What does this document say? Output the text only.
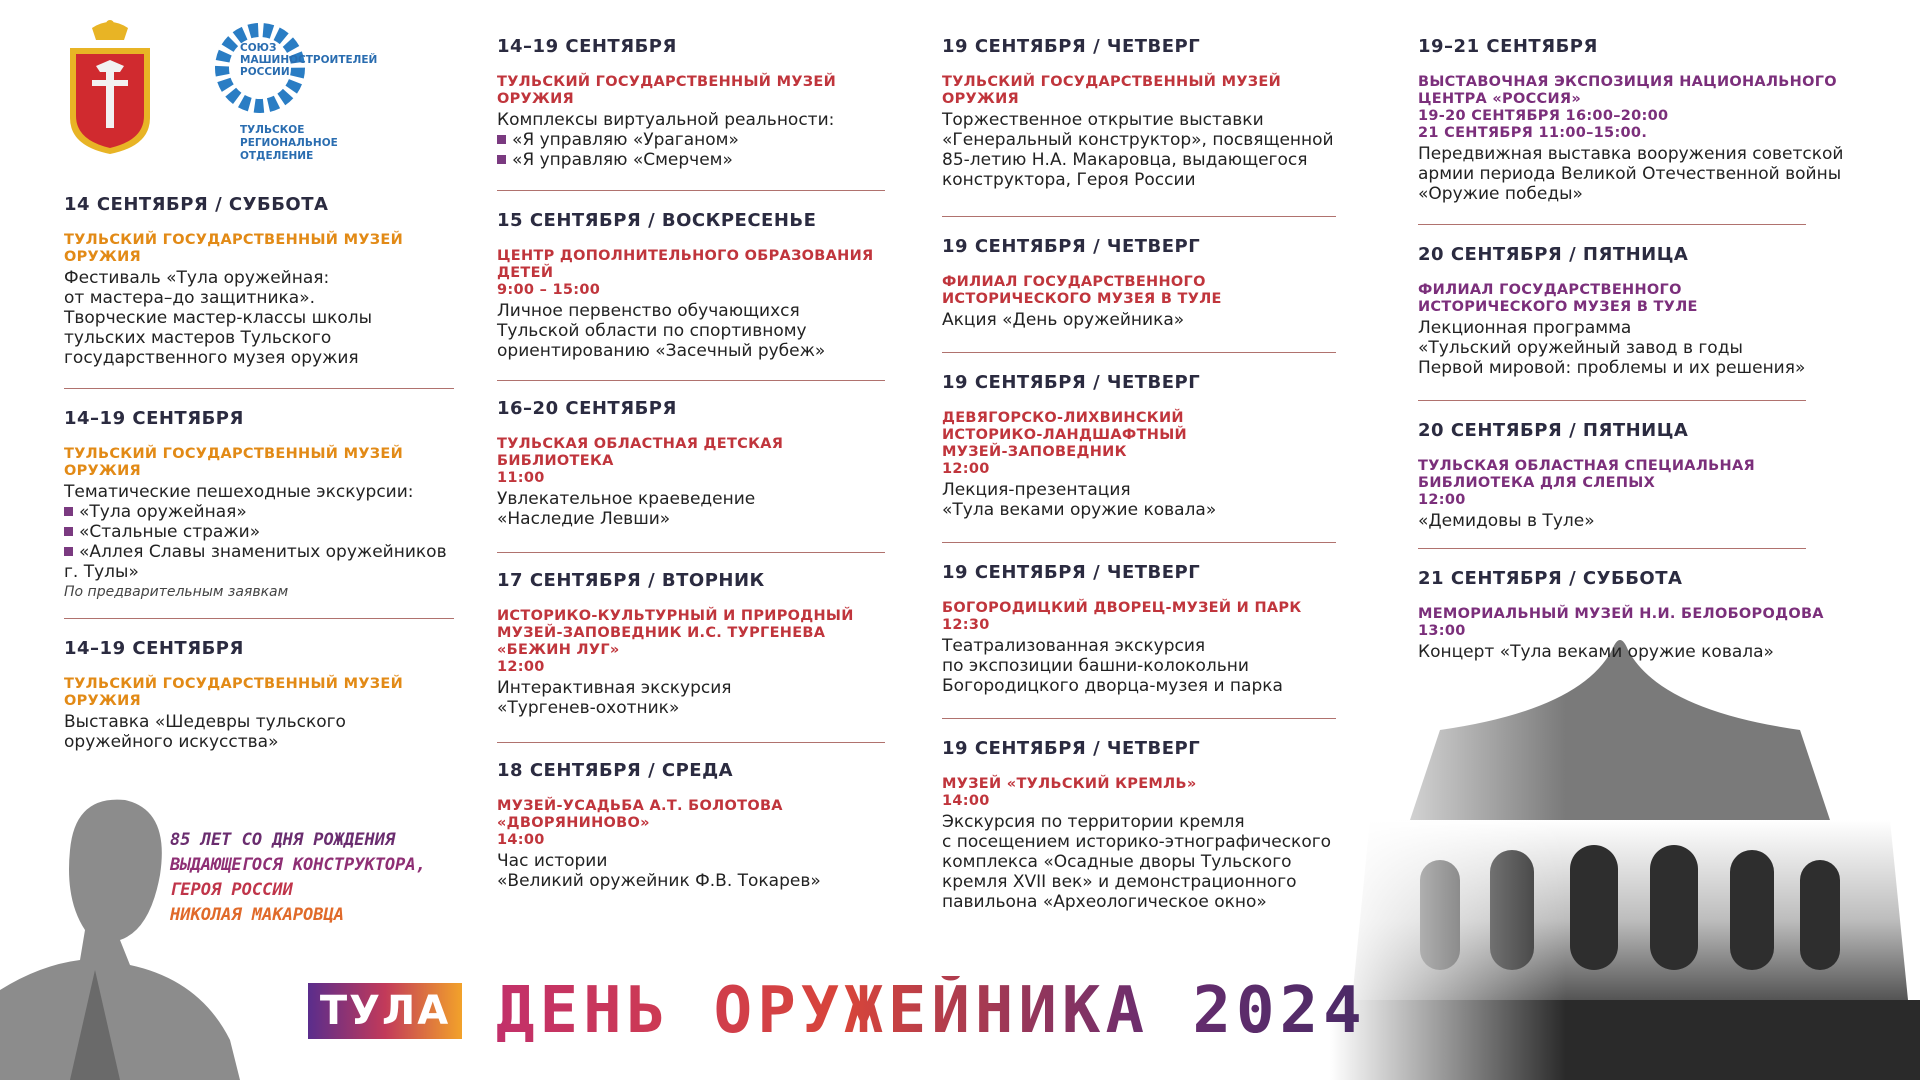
СОЮЗ
МАШИНОСТРОИТЕЛЕЙ
РОССИИ
ТУЛЬСКОЕ
РЕГИОНАЛЬНОЕ
ОТДЕЛЕНИЕ
14 СЕНТЯБРЯ / СУББОТА
ТУЛЬСКИЙ ГОСУДАРСТВЕННЫЙ МУЗЕЙ ОРУЖИЯ
Фестиваль «Тула оружейная:
от мастера–до защитника».
Творческие мастер-классы школы
тульских мастеров Тульского
государственного музея оружия
14–19 СЕНТЯБРЯ
ТУЛЬСКИЙ ГОСУДАРСТВЕННЫЙ МУЗЕЙ ОРУЖИЯ
Тематические пешеходные экскурсии:
«Тула оружейная»
«Стальные стражи»
«Аллея Славы знаменитых оружейников г. Тулы»
По предварительным заявкам
14–19 СЕНТЯБРЯ
ТУЛЬСКИЙ ГОСУДАРСТВЕННЫЙ МУЗЕЙ ОРУЖИЯ
Выставка «Шедевры тульского
оружейного искусства»
14–19 СЕНТЯБРЯ
ТУЛЬСКИЙ ГОСУДАРСТВЕННЫЙ МУЗЕЙ ОРУЖИЯ
Комплексы виртуальной реальности:
«Я управляю «Ураганом»
«Я управляю «Смерчем»
15 СЕНТЯБРЯ / ВОСКРЕСЕНЬЕ
ЦЕНТР ДОПОЛНИТЕЛЬНОГО ОБРАЗОВАНИЯ ДЕТЕЙ
9:00 – 15:00
Личное первенство обучающихся
Тульской области по спортивному
ориентированию «Засечный рубеж»
16–20 СЕНТЯБРЯ
ТУЛЬСКАЯ ОБЛАСТНАЯ ДЕТСКАЯ БИБЛИОТЕКА
11:00
Увлекательное краеведение
«Наследие Левши»
17 СЕНТЯБРЯ / ВТОРНИК
ИСТОРИКО-КУЛЬТУРНЫЙ И ПРИРОДНЫЙ МУЗЕЙ-ЗАПОВЕДНИК И.С. ТУРГЕНЕВА «БЕЖИН ЛУГ»
12:00
Интерактивная экскурсия
«Тургенев-охотник»
18 СЕНТЯБРЯ / СРЕДА
МУЗЕЙ-УСАДЬБА А.Т. БОЛОТОВА «ДВОРЯНИНОВО»
14:00
Час истории
«Великий оружейник Ф.В. Токарев»
19 СЕНТЯБРЯ / ЧЕТВЕРГ
ТУЛЬСКИЙ ГОСУДАРСТВЕННЫЙ МУЗЕЙ ОРУЖИЯ
Торжественное открытие выставки
«Генеральный конструктор», посвященной
85-летию Н.А. Макаровца, выдающегося
конструктора, Героя России
19 СЕНТЯБРЯ / ЧЕТВЕРГ
ФИЛИАЛ ГОСУДАРСТВЕННОГО ИСТОРИЧЕСКОГО МУЗЕЯ В ТУЛЕ
Акция «День оружейника»
19 СЕНТЯБРЯ / ЧЕТВЕРГ
ДЕВЯГОРСКО-ЛИХВИНСКИЙ ИСТОРИКО-ЛАНДШАФТНЫЙ МУЗЕЙ-ЗАПОВЕДНИК
12:00
Лекция-презентация
«Тула веками оружие ковала»
19 СЕНТЯБРЯ / ЧЕТВЕРГ
БОГОРОДИЦКИЙ ДВОРЕЦ-МУЗЕЙ И ПАРК
12:30
Театрализованная экскурсия
по экспозиции башни-колокольни
Богородицкого дворца-музея и парка
19 СЕНТЯБРЯ / ЧЕТВЕРГ
МУЗЕЙ «ТУЛЬСКИЙ КРЕМЛЬ»
14:00
Экскурсия по территории кремля
с посещением историко-этнографического
комплекса «Осадные дворы Тульского
кремля XVII век» и демонстрационного
павильона «Археологическое окно»
19–21 СЕНТЯБРЯ
ВЫСТАВОЧНАЯ ЭКСПОЗИЦИЯ НАЦИОНАЛЬНОГО ЦЕНТРА «РОССИЯ»
19-20 СЕНТЯБРЯ 16:00–20:00
21 СЕНТЯБРЯ 11:00–15:00.
Передвижная выставка вооружения советской
армии периода Великой Отечественной войны
«Оружие победы»
20 СЕНТЯБРЯ / ПЯТНИЦА
ФИЛИАЛ ГОСУДАРСТВЕННОГО ИСТОРИЧЕСКОГО МУЗЕЯ В ТУЛЕ
Лекционная программа
«Тульский оружейный завод в годы
Первой мировой: проблемы и их решения»
20 СЕНТЯБРЯ / ПЯТНИЦА
ТУЛЬСКАЯ ОБЛАСТНАЯ СПЕЦИАЛЬНАЯ БИБЛИОТЕКА ДЛЯ СЛЕПЫХ
12:00
«Демидовы в Туле»
21 СЕНТЯБРЯ / СУББОТА
МЕМОРИАЛЬНЫЙ МУЗЕЙ Н.И. БЕЛОБОРОДОВА
13:00
Концерт «Тула веками оружие ковала»
85 ЛЕТ СО ДНЯ РОЖДЕНИЯ
ВЫДАЮЩЕГОСЯ КОНСТРУКТОРА,
ГЕРОЯ РОССИИ
НИКОЛАЯ МАКАРОВЦА
ТУЛА ДЕНЬ ОРУЖЕЙНИКА 2024
